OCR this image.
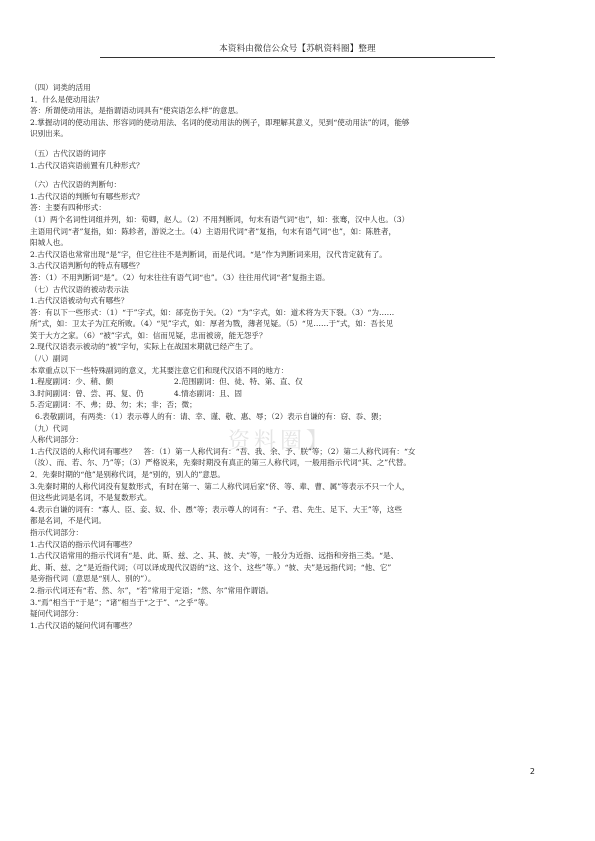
本资料由微信公众号【苏帆资料圈】整理
资料圈】
（四）词类的活用
1．什么是使动用法？
答：所谓使动用法，是指谓语动词具有“使宾语怎么样”的意思。
2.掌握动词的使动用法、形容词的使动用法、名词的使动用法的例子，即理解其意义，见到“使动用法”的词，能够
识别出来。
（五）古代汉语的词序
1.古代汉语宾语前置有几种形式？
（六）古代汉语的判断句：
1.古代汉语的判断句有哪些形式？
答：主要有四种形式：
（1）两个名词性词组并列，如：荀卿，赵人。（2）不用判断词，句末有语气词“也”，如：张骞，汉中人也。（3）
主语用代词“者”复指，如：陈轸者，游说之士。（4）主语用代词“者”复指，句末有语气词“也”，如：陈胜者，
阳城人也。
2.古代汉语也常常出现“是”字，但它往往不是判断词，而是代词。“是”作为判断词来用，汉代肯定就有了。
3.古代汉语判断句的特点有哪些？
答：（1）不用判断词“是”。（2）句末往往有语气词“也”。（3）往往用代词“者”复指主语。
（七）古代汉语的被动表示法
1.古代汉语被动句式有哪些？
答：有以下一些形式：（1）“于”字式，如：郤克伤于矢。（2）“为”字式，如：道术将为天下裂。（3）“为……
所”式，如：卫太子为江充所败。（4）“见”字式，如：厚者为戮，薄者见疑。（5）“见……于”式，如：吾长见
笑于大方之家。（6）“被”字式，如：信而见疑，忠而被谤，能无怨乎？
2.现代汉语表示被动的“被”字句，实际上在战国末期就已经产生了。
（八）副词
本章重点以下一些特殊副词的意义，尤其要注意它们和现代汉语不同的地方：
1.程度副词：少、稍、颇　　　　　　　　2.范围副词：但、徒、特、第、直、仅
3.时间副词：曾、尝、再、复、仍　　　　4.情态副词：且、固
5.否定副词：不、弗；毋、勿；未；非；否；微；
6.表敬副词，有两类：（1）表示尊人的有：请、幸、谨、敬、惠、辱；（2）表示自谦的有：窃、忝、猥；
（九）代词
人称代词部分：
1.古代汉语的人称代词有哪些？　答：（1）第一人称代词有：“吾、我、余、予、朕”等；（2）第二人称代词有：“女
（汝）、而、若、尔、乃”等；（3）严格说来，先秦时期没有真正的第三人称代词，一般用指示代词“其、之”代替。
2．先秦时期的“他”是别称代词，是“别的，别人的”意思。
3.先秦时期的人称代词没有复数形式，有时在第一、第二人称代词后家“侪、等、辈、曹、属”等表示不只一个人，
但这些此词是名词，不是复数形式。
4.表示自谦的词有：“寡人、臣、妾、奴、仆、愚”等；表示尊人的词有：“子、君、先生、足下、大王”等，这些
都是名词，不是代词。
指示代词部分：
1.古代汉语的指示代词有哪些？
1.古代汉语常用的指示代词有“是、此、斯、兹、之、其、彼、夫”等，一般分为近指、远指和旁指三类。“是、
此、斯、兹、之”是近指代词；（可以译成现代汉语的“这、这个、这些”等。）“彼、夫”是远指代词；“他、它”
是旁指代词（意思是“别人、别的”）。
2.指示代词还有“若、然、尔”，“若”常用于定语；“然、尔”常用作谓语。
3.“焉”相当于“于是”；“诸”相当于“之于”、“之乎”等。
疑问代词部分：
1.古代汉语的疑问代词有哪些？
2
